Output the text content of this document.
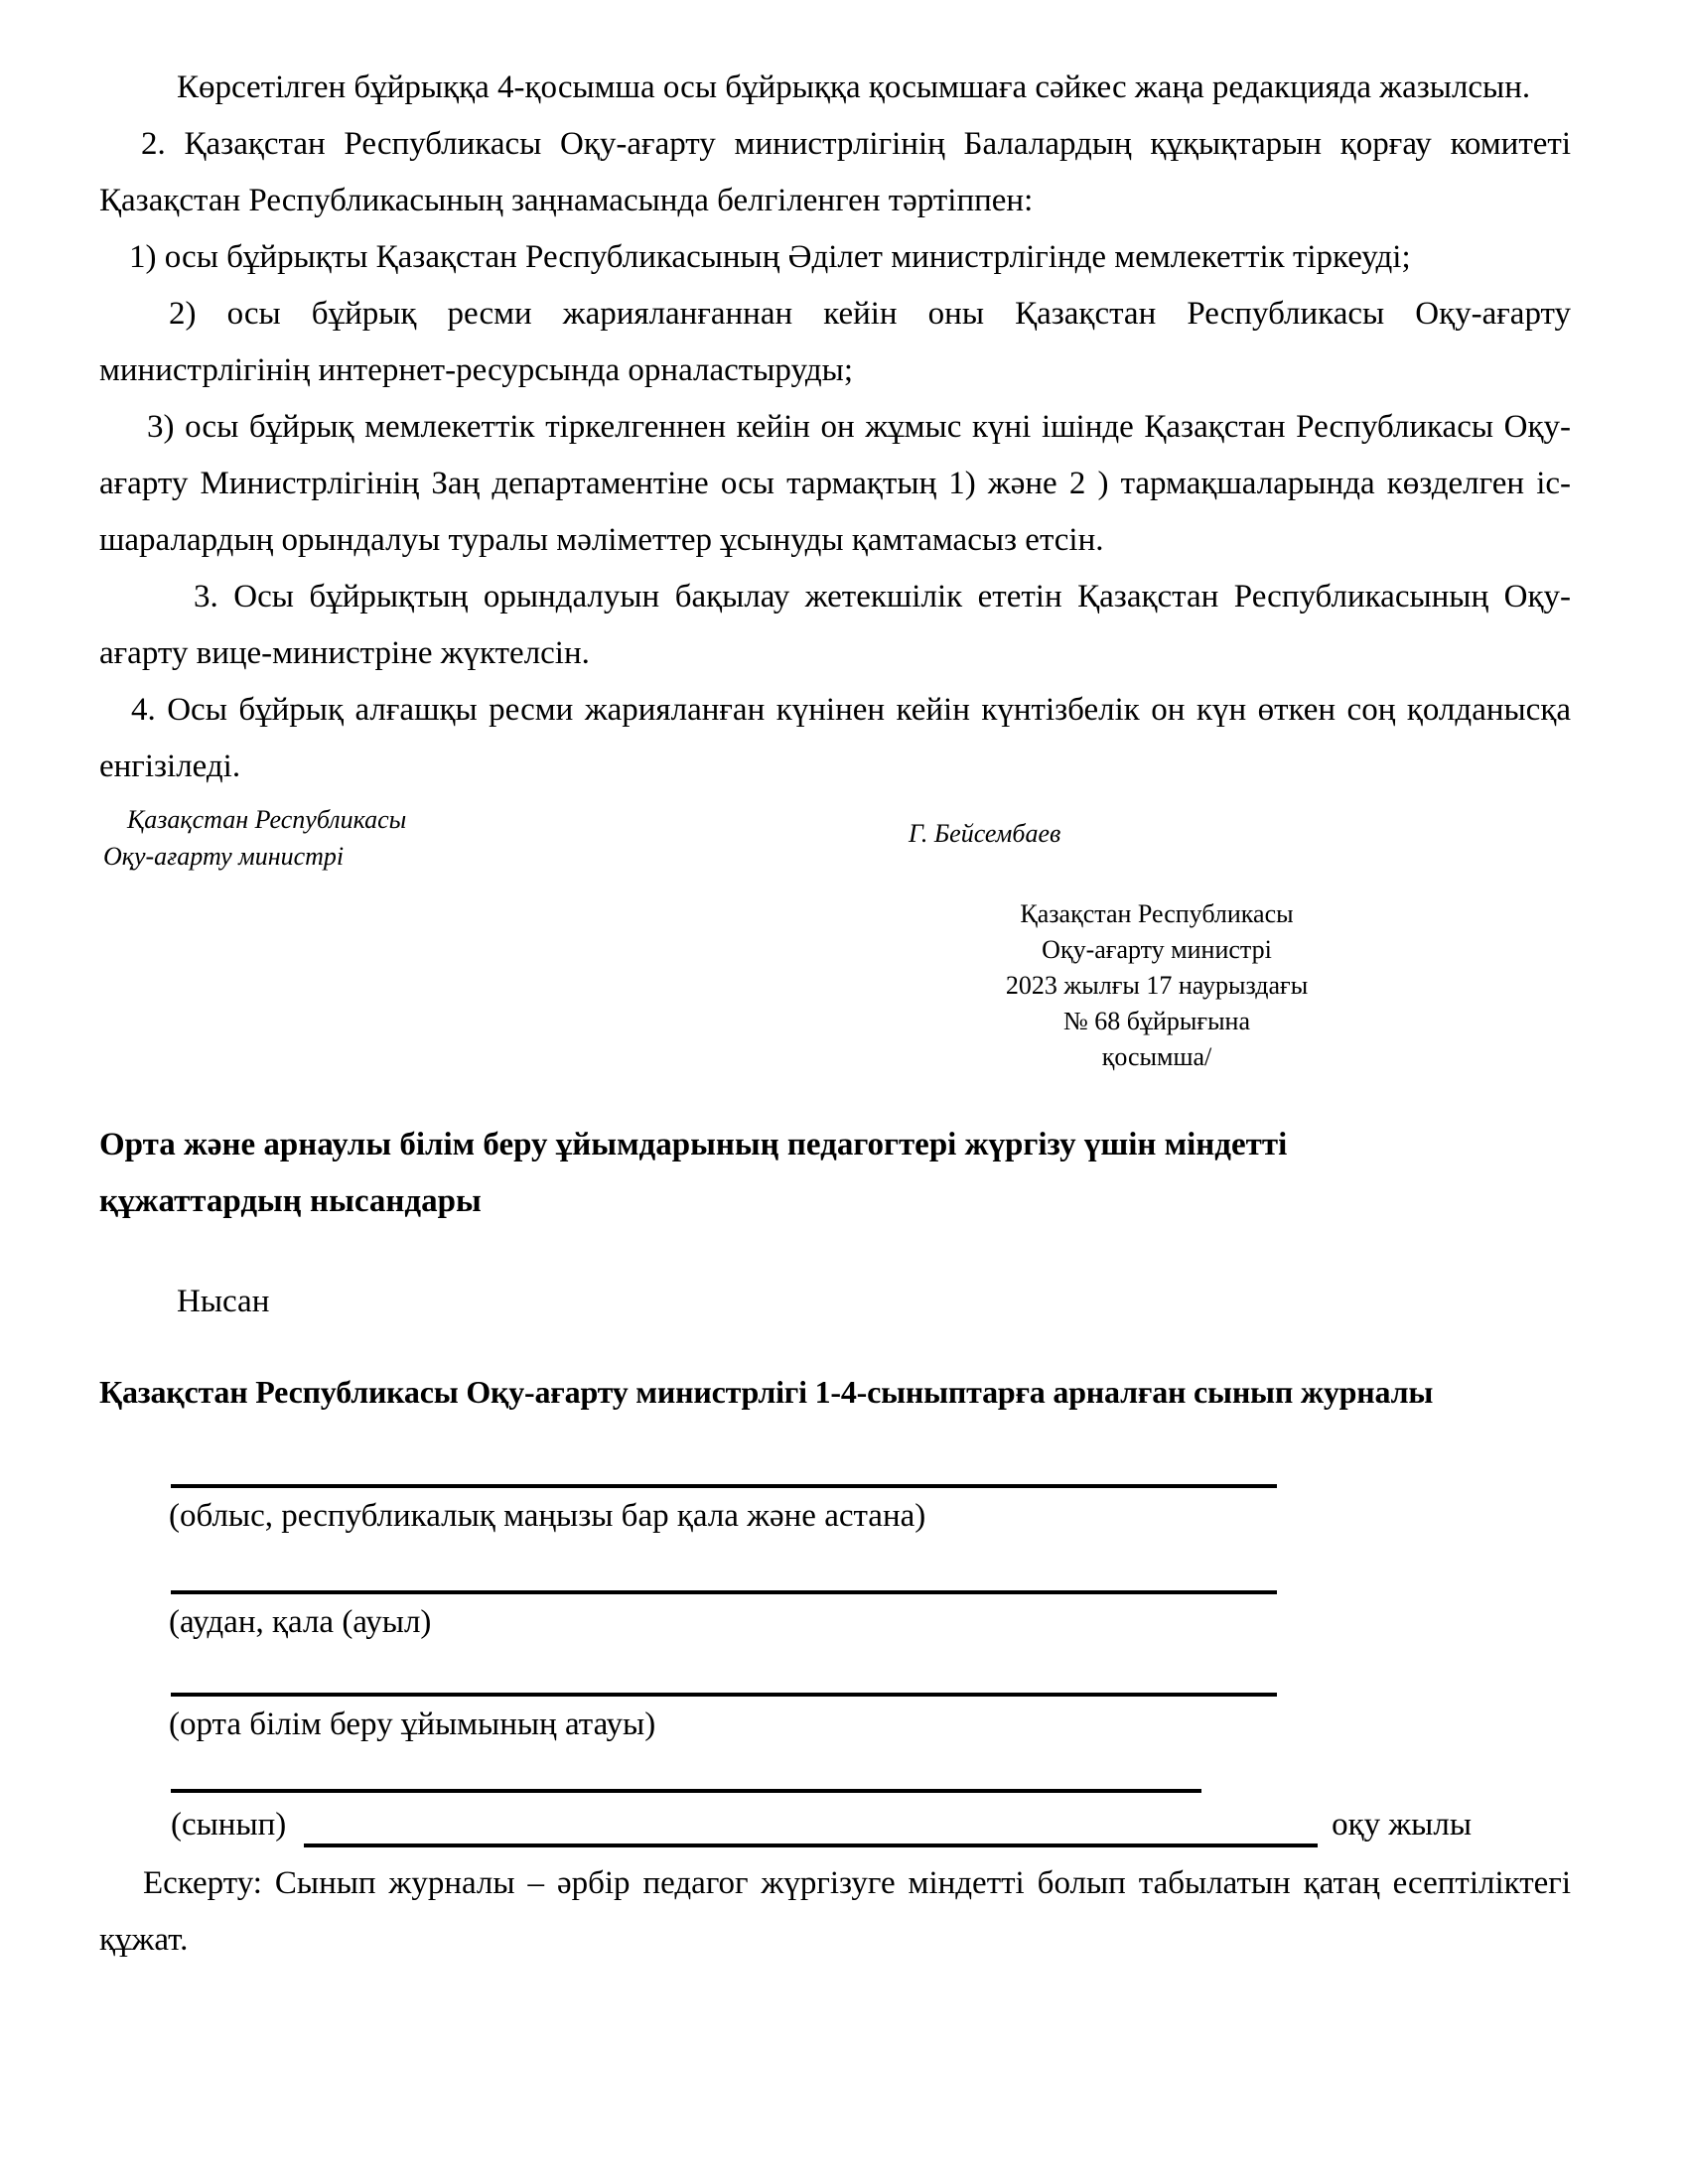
Көрсетілген бұйрыққа 4-қосымша осы бұйрыққа қосымшаға сәйкес жаңа редакцияда жазылсын.

2. Қазақстан Республикасы Оқу-ағарту министрлігінің Балалардың құқықтарын қорғау комитеті Қазақстан Республикасының заңнамасында белгіленген тәртіппен:

1) осы бұйрықты Қазақстан Республикасының Әділет министрлігінде мемлекеттік тіркеуді;

2) осы бұйрық ресми жарияланғаннан кейін оны Қазақстан Республикасы Оқу-ағарту министрлігінің интернет-ресурсында орналастыруды;

3) осы бұйрық мемлекеттік тіркелгеннен кейін он жұмыс күні ішінде Қазақстан Республикасы Оқу-ағарту Министрлігінің Заң департаментіне осы тармақтың 1) және 2 ) тармақшаларында көзделген іс-шаралардың орындалуы туралы мәліметтер ұсынуды қамтамасыз етсін.

3. Осы бұйрықтың орындалуын бақылау жетекшілік ететін Қазақстан Республикасының Оқу-ағарту вице-министріне жүктелсін.

4. Осы бұйрық алғашқы ресми жарияланған күнінен кейін күнтізбелік он күн өткен соң қолданысқа енгізіледі.

Қазақстан Республикасы
Оқу-ағарту министрі
Г. Бейсембаев
Қазақстан Республикасы
Оқу-ағарту министрі
2023 жылғы 17 наурыздағы
№ 68 бұйрығына
қосымша/

Орта және арнаулы білім беру ұйымдарының педагогтері жүргізу үшін міндетті құжаттардың нысандары

Нысан

Қазақстан Республикасы Оқу-ағарту министрлігі 1-4-сыныптарға арналған сынып журналы

(облыс, республикалық маңызы бар қала және астана)

(аудан, қала (ауыл)

(орта білім беру ұйымының атауы)

(сынып)	оқу жылы

Ескерту: Сынып журналы – әрбір педагог жүргізуге міндетті болып табылатын қатаң есептіліктегі құжат.
